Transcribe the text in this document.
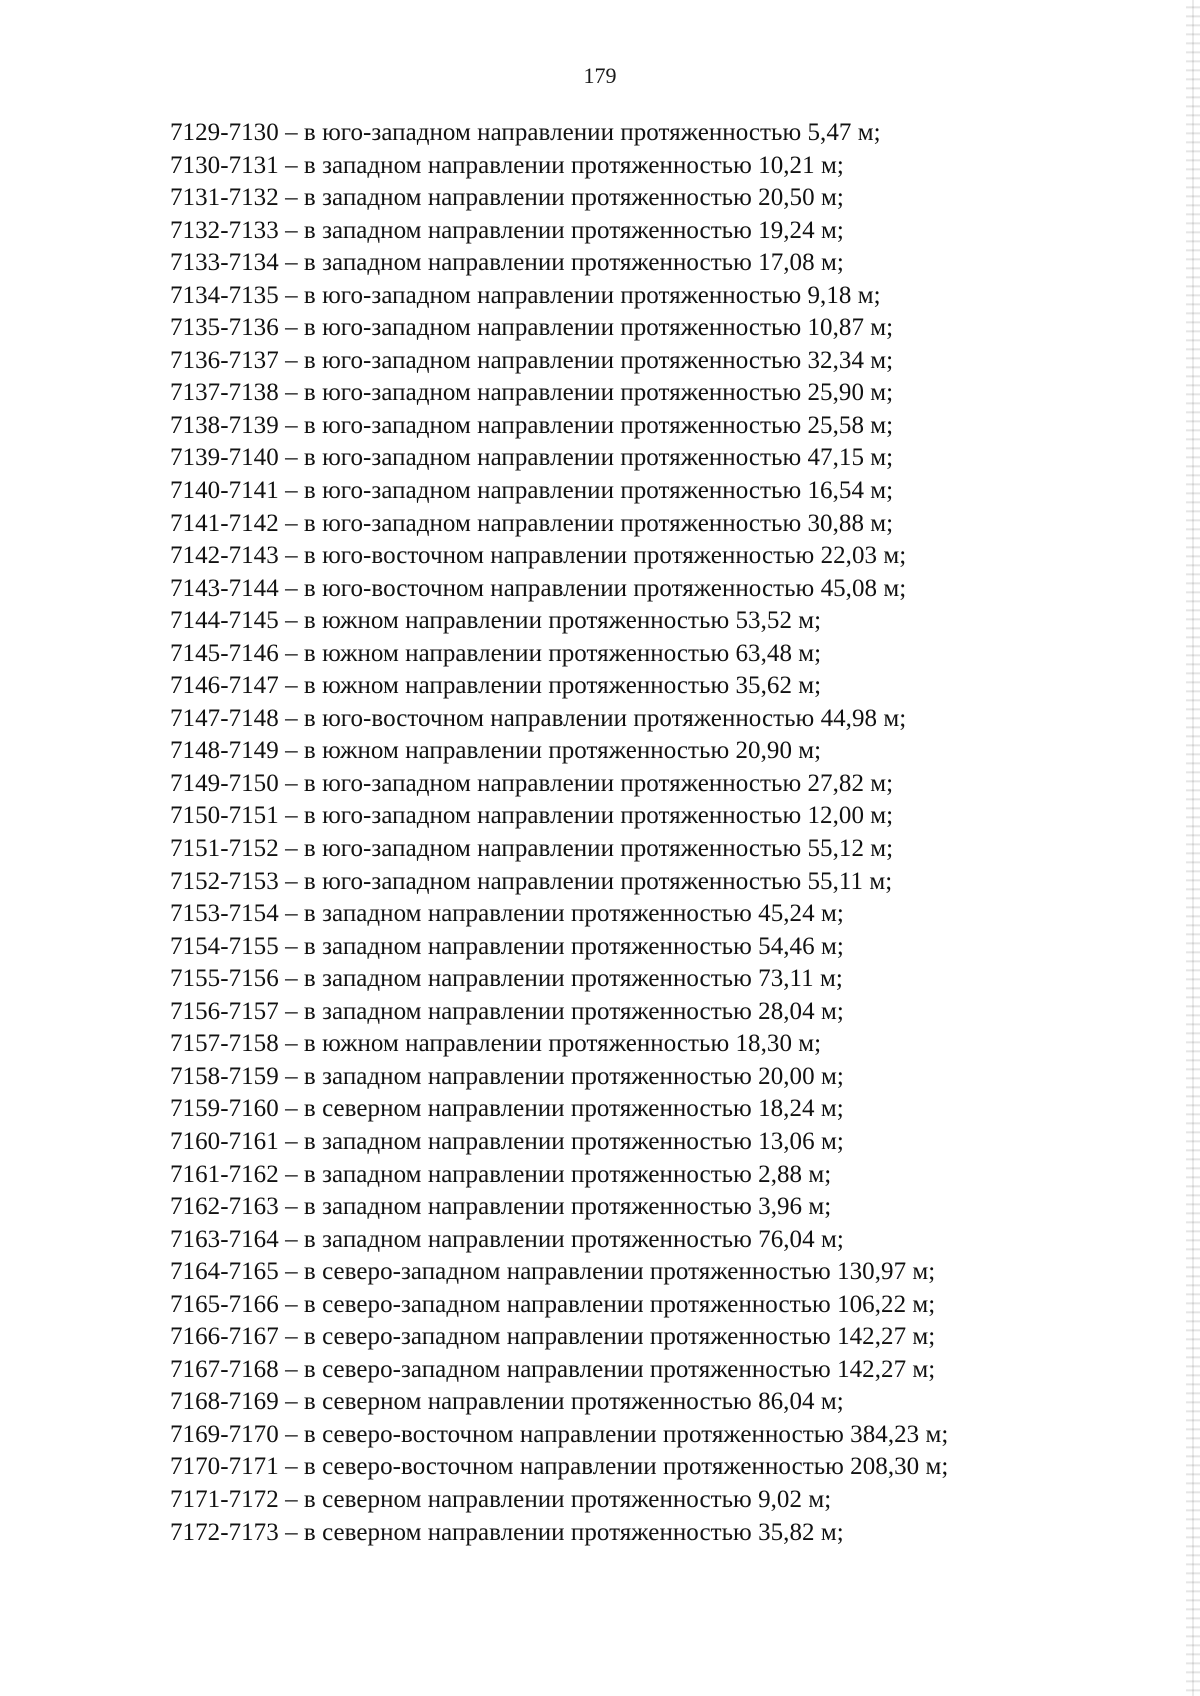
179
7129-7130 – в юго-западном направлении протяженностью 5,47 м;
7130-7131 – в западном направлении протяженностью 10,21 м;
7131-7132 – в западном направлении протяженностью 20,50 м;
7132-7133 – в западном направлении протяженностью 19,24 м;
7133-7134 – в западном направлении протяженностью 17,08 м;
7134-7135 – в юго-западном направлении протяженностью 9,18 м;
7135-7136 – в юго-западном направлении протяженностью 10,87 м;
7136-7137 – в юго-западном направлении протяженностью 32,34 м;
7137-7138 – в юго-западном направлении протяженностью 25,90 м;
7138-7139 – в юго-западном направлении протяженностью 25,58 м;
7139-7140 – в юго-западном направлении протяженностью 47,15 м;
7140-7141 – в юго-западном направлении протяженностью 16,54 м;
7141-7142 – в юго-западном направлении протяженностью 30,88 м;
7142-7143 – в юго-восточном направлении протяженностью 22,03 м;
7143-7144 – в юго-восточном направлении протяженностью 45,08 м;
7144-7145 – в южном направлении протяженностью 53,52 м;
7145-7146 – в южном направлении протяженностью 63,48 м;
7146-7147 – в южном направлении протяженностью 35,62 м;
7147-7148 – в юго-восточном направлении протяженностью 44,98 м;
7148-7149 – в южном направлении протяженностью 20,90 м;
7149-7150 – в юго-западном направлении протяженностью 27,82 м;
7150-7151 – в юго-западном направлении протяженностью 12,00 м;
7151-7152 – в юго-западном направлении протяженностью 55,12 м;
7152-7153 – в юго-западном направлении протяженностью 55,11 м;
7153-7154 – в западном направлении протяженностью 45,24 м;
7154-7155 – в западном направлении протяженностью 54,46 м;
7155-7156 – в западном направлении протяженностью 73,11 м;
7156-7157 – в западном направлении протяженностью 28,04 м;
7157-7158 – в южном направлении протяженностью 18,30 м;
7158-7159 – в западном направлении протяженностью 20,00 м;
7159-7160 – в северном направлении протяженностью 18,24 м;
7160-7161 – в западном направлении протяженностью 13,06 м;
7161-7162 – в западном направлении протяженностью 2,88 м;
7162-7163 – в западном направлении протяженностью 3,96 м;
7163-7164 – в западном направлении протяженностью 76,04 м;
7164-7165 – в северо-западном направлении протяженностью 130,97 м;
7165-7166 – в северо-западном направлении протяженностью 106,22 м;
7166-7167 – в северо-западном направлении протяженностью 142,27 м;
7167-7168 – в северо-западном направлении протяженностью 142,27 м;
7168-7169 – в северном направлении протяженностью 86,04 м;
7169-7170 – в северо-восточном направлении протяженностью 384,23 м;
7170-7171 – в северо-восточном направлении протяженностью 208,30 м;
7171-7172 – в северном направлении протяженностью 9,02 м;
7172-7173 – в северном направлении протяженностью 35,82 м;
